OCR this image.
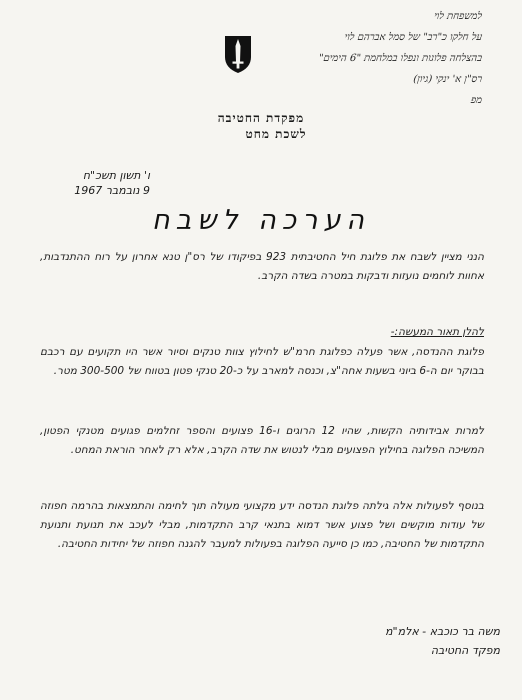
למשפחת לוי
על חלקו כ"רב" של סמל אברהם לוי
בהצלחה פלוגות ונפלו במלחמת "6 הימים"
רס"ן א' ינקי (גיון)
מפ
מפקדת החטיבה
לשכת מחט
ו' תשון תשכ"ח
9 נובמבר 1967
הערכה לשבח
הנני מציין לשבח את פלוגת חיל החטיבתית 923 בפיקודו של רס"ן טנא אחרון על רוח ההתנדבות, אחוות לוחמים נועזות ודבקות במטרה בשדה הקרב.
להלן תאור המעשה:-
פלוגת ההנדסה, אשר פעלה כפלוגת חרמ"ש לחילוץ צוות טנקים וסיור אשר היו תקועים עם רכבם בבוקר יום ה-6 ביוני בשעות אחה"צ, וכנסה למארב על כ-20 טנקי פטון בטווח של 300-500 מטר.
למרות אבידותיה הקשות, שהיו 12 הרוגים ו-16 פצועים והספר זחלמים פגועים מטנקי הפטון, המשיכה הפלוגה בחילוץ הפצועים מבלי לנטוש את שדה הקרב, אלא רק לאחר הוראת המחט.
בנוסף לפעולות אלה גילתה פלוגת הנדסה ידע מקצועי מעולה תוך לחימה והתמצאות בהרמה חפוזה של עודות מוקשים ושל פצוע אשר דמוא בתנאי קרב התקדמות, מבלי לעכב את תנועת ותנועת התקדמות של החטיבה, כמו כן סייעה הפלוגה בפעולות למעבר להגנה חפוזה של יחידות החטיבה.
משה בר כוכבא - אלמ"מ
מפקד החטיבה
